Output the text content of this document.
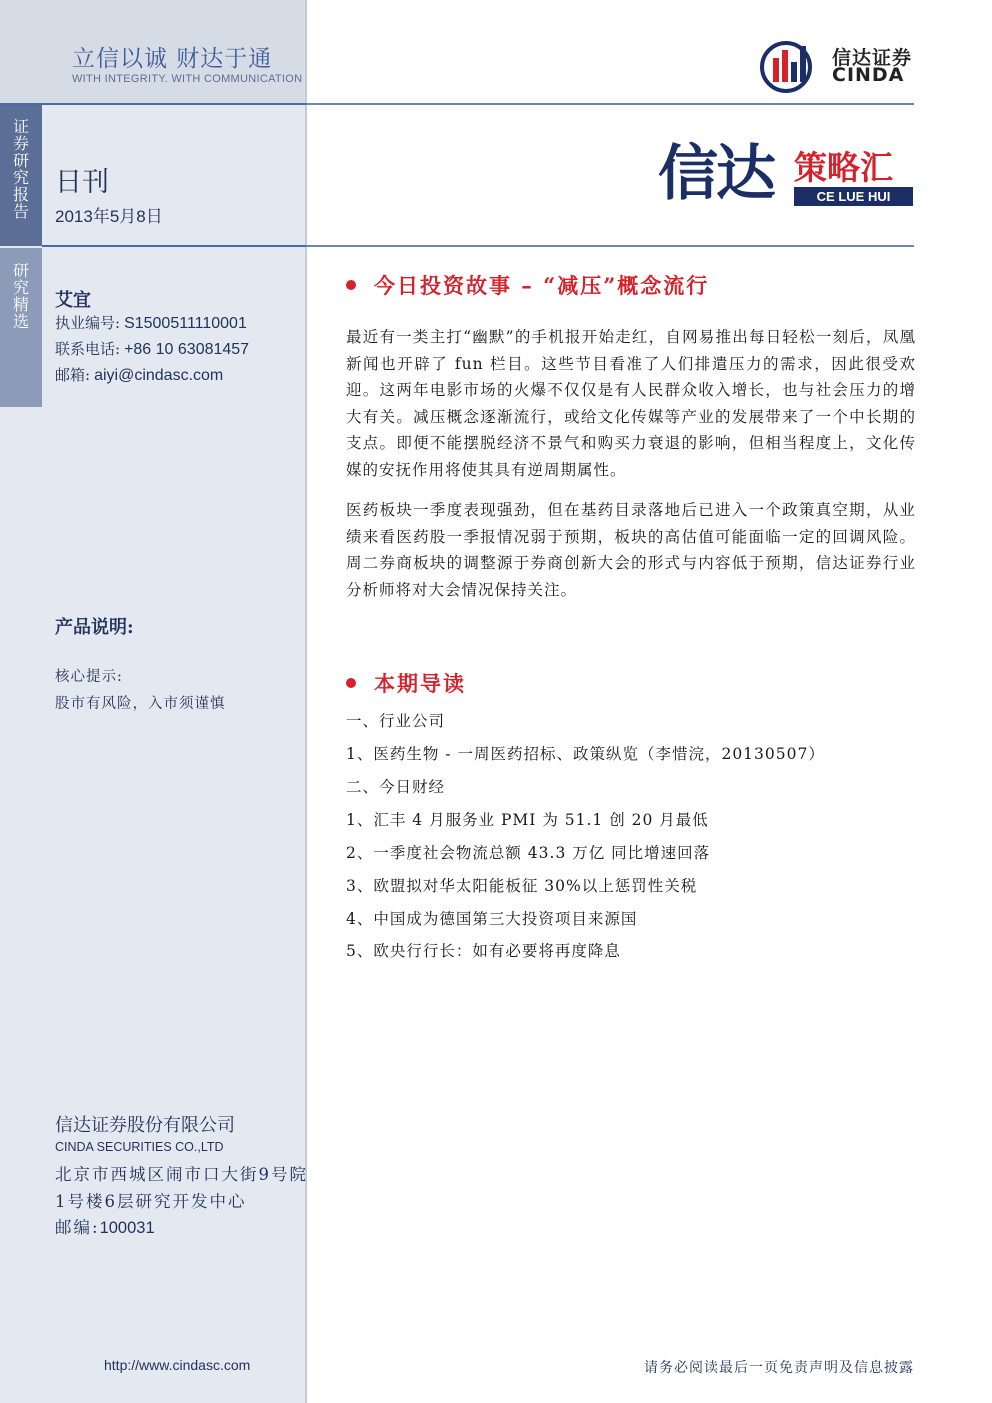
证
券
研
究
报
告
研
究
精
选
立信以诚 财达于通
WITH INTEGRITY. WITH COMMUNICATION
信达证券
CINDA
日刊
2013年5月8日
信达 策略汇
CE LUE HUI
艾宜
执业编号: S1500511110001
联系电话: +86 10 63081457
邮箱: aiyi@cindasc.com
产品说明:
核心提示:
股市有风险，入市须谨慎
信达证券股份有限公司
CINDA SECURITIES CO.,LTD
北京市西城区闹市口大街9号院
1号楼6层研究开发中心
邮编:100031
http://www.cindasc.com	请务必阅读最后一页免责声明及信息披露
今日投资故事 – “减压”概念流行
最近有一类主打“幽默”的手机报开始走红，自网易推出每日轻松一刻后，凤凰新闻也开辟了 fun 栏目。这些节目看准了人们排遣压力的需求，因此很受欢迎。这两年电影市场的火爆不仅仅是有人民群众收入增长，也与社会压力的增大有关。减压概念逐渐流行，或给文化传媒等产业的发展带来了一个中长期的支点。即便不能摆脱经济不景气和购买力衰退的影响，但相当程度上，文化传媒的安抚作用将使其具有逆周期属性。
医药板块一季度表现强劲，但在基药目录落地后已进入一个政策真空期，从业绩来看医药股一季报情况弱于预期，板块的高估值可能面临一定的回调风险。周二券商板块的调整源于券商创新大会的形式与内容低于预期，信达证券行业分析师将对大会情况保持关注。
本期导读
一、行业公司
1、医药生物 - 一周医药招标、政策纵览（李惜浣，20130507）
二、今日财经
1、汇丰 4 月服务业 PMI 为 51.1 创 20 月最低
2、一季度社会物流总额 43.3 万亿 同比增速回落
3、欧盟拟对华太阳能板征 30%以上惩罚性关税
4、中国成为德国第三大投资项目来源国
5、欧央行行长：如有必要将再度降息
